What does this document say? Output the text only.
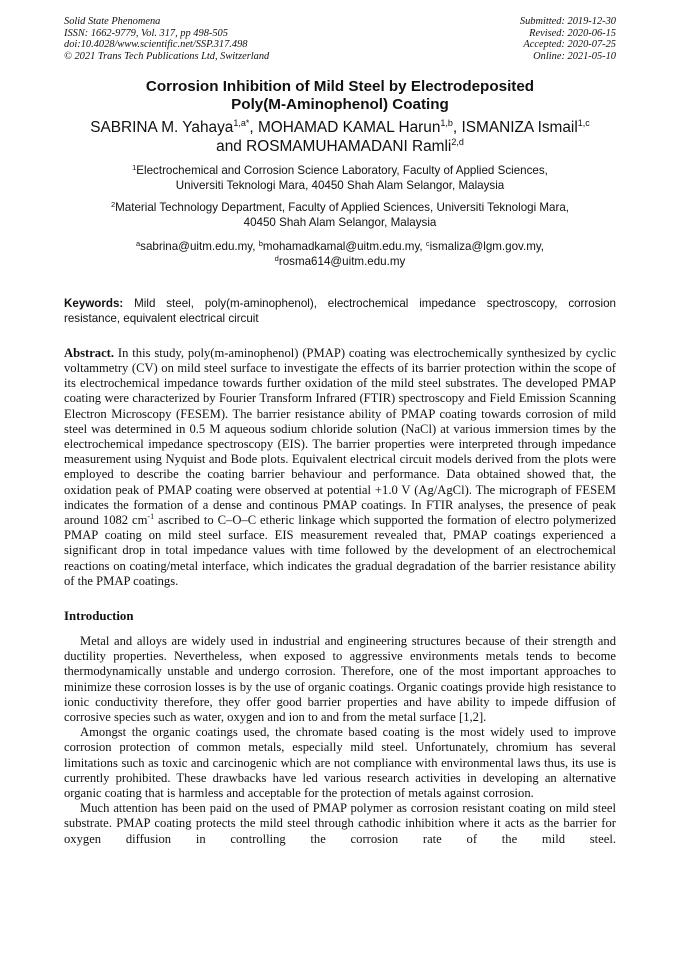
Solid State Phenomena
ISSN: 1662-9779, Vol. 317, pp 498-505
doi:10.4028/www.scientific.net/SSP.317.498
© 2021 Trans Tech Publications Ltd, Switzerland
Submitted: 2019-12-30
Revised: 2020-06-15
Accepted: 2020-07-25
Online: 2021-05-10
Corrosion Inhibition of Mild Steel by Electrodeposited
Poly(M-Aminophenol) Coating
SABRINA M. Yahaya$^{1,a*}$, MOHAMAD KAMAL Harun$^{1,b}$, ISMANIZA Ismail$^{1,c}$
and ROSMAMUHAMADANI Ramli$^{2,d}$
$^1$Electrochemical and Corrosion Science Laboratory, Faculty of Applied Sciences,
Universiti Teknologi Mara, 40450 Shah Alam Selangor, Malaysia
$^2$Material Technology Department, Faculty of Applied Sciences, Universiti Teknologi Mara,
40450 Shah Alam Selangor, Malaysia
$^a$sabrina@uitm.edu.my, $^b$mohamadkamal@uitm.edu.my, $^c$ismaliza@lgm.gov.my,
$^d$rosma614@uitm.edu.my
Keywords: Mild steel, poly(m-aminophenol), electrochemical impedance spectroscopy, corrosion resistance, equivalent electrical circuit
Abstract. In this study, poly(m-aminophenol) (PMAP) coating was electrochemically synthesized by cyclic voltammetry (CV) on mild steel surface to investigate the effects of its barrier protection within the scope of its electrochemical impedance towards further oxidation of the mild steel substrates. The developed PMAP coating were characterized by Fourier Transform Infrared (FTIR) spectroscopy and Field Emission Scanning Electron Microscopy (FESEM). The barrier resistance ability of PMAP coating towards corrosion of mild steel was determined in 0.5 M aqueous sodium chloride solution (NaCl) at various immersion times by the electrochemical impedance spectroscopy (EIS). The barrier properties were interpreted through impedance measurement using Nyquist and Bode plots. Equivalent electrical circuit models derived from the plots were employed to describe the coating barrier behaviour and performance. Data obtained showed that, the oxidation peak of PMAP coating were observed at potential +1.0 V (Ag/AgCl). The micrograph of FESEM indicates the formation of a dense and continous PMAP coatings. In FTIR analyses, the presence of peak around 1082 $cm^{-1}$ ascribed to C–O–C etheric linkage which supported the formation of electro polymerized PMAP coating on mild steel surface. EIS measurement revealed that, PMAP coatings experienced a significant drop in total impedance values with time followed by the development of an electrochemical reactions on coating/metal interface, which indicates the gradual degradation of the barrier resistance ability of the PMAP coatings.
Introduction

Metal and alloys are widely used in industrial and engineering structures because of their strength and ductility properties. Nevertheless, when exposed to aggressive environments metals tends to become thermodynamically unstable and undergo corrosion. Therefore, one of the most important approaches to minimize these corrosion losses is by the use of organic coatings. Organic coatings provide high resistance to ionic conductivity therefore, they offer good barrier properties and have ability to impede diffusion of corrosive species such as water, oxygen and ion to and from the metal surface [1,2].

Amongst the organic coatings used, the chromate based coating is the most widely used to improve corrosion protection of common metals, especially mild steel. Unfortunately, chromium has several limitations such as toxic and carcinogenic which are not compliance with environmental laws thus, its use is currently prohibited. These drawbacks have led various research activities in developing an alternative organic coating that is harmless and acceptable for the protection of metals against corrosion.

Much attention has been paid on the used of PMAP polymer as corrosion resistant coating on mild steel substrate. PMAP coating protects the mild steel through cathodic inhibition where it acts as the barrier for oxygen diffusion in controlling the corrosion rate of the mild steel.
